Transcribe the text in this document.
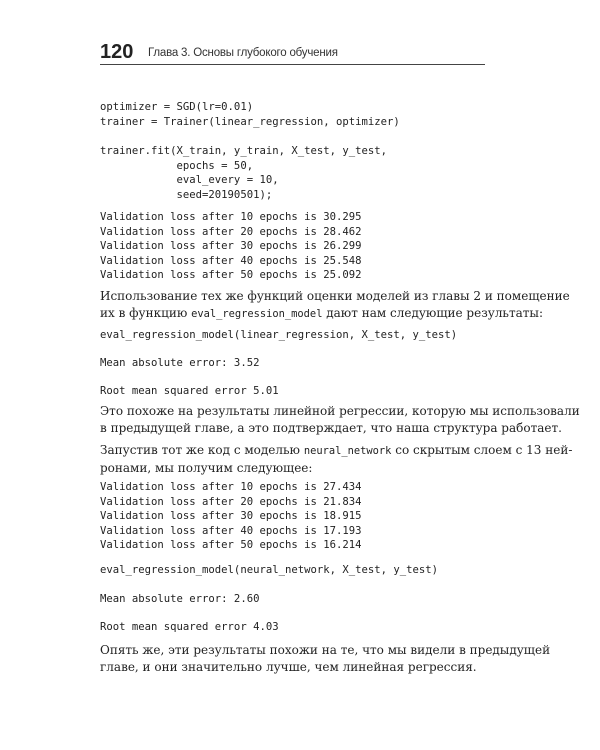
120 Глава 3. Основы глубокого обучения
optimizer = SGD(lr=0.01)
trainer = Trainer(linear_regression, optimizer)
trainer.fit(X_train, y_train, X_test, y_test,
epochs = 50,
eval_every = 10,
seed=20190501);
Validation loss after 10 epochs is 30.295
Validation loss after 20 epochs is 28.462
Validation loss after 30 epochs is 26.299
Validation loss after 40 epochs is 25.548
Validation loss after 50 epochs is 25.092
Использование тех же функций оценки моделей из главы 2 и помещение
их в функцию eval_regression_model дают нам следующие результаты:
eval_regression_model(linear_regression, X_test, y_test)
Mean absolute error: 3.52
Root mean squared error 5.01
Это похоже на результаты линейной регрессии, которую мы использовали
в предыдущей главе, а это подтверждает, что наша структура работает.
Запустив тот же код с моделью neural_network со скрытым слоем с 13 ней-
ронами, мы получим следующее:
Validation loss after 10 epochs is 27.434
Validation loss after 20 epochs is 21.834
Validation loss after 30 epochs is 18.915
Validation loss after 40 epochs is 17.193
Validation loss after 50 epochs is 16.214
eval_regression_model(neural_network, X_test, y_test)
Mean absolute error: 2.60
Root mean squared error 4.03
Опять же, эти результаты похожи на те, что мы видели в предыдущей
главе, и они значительно лучше, чем линейная регрессия.
